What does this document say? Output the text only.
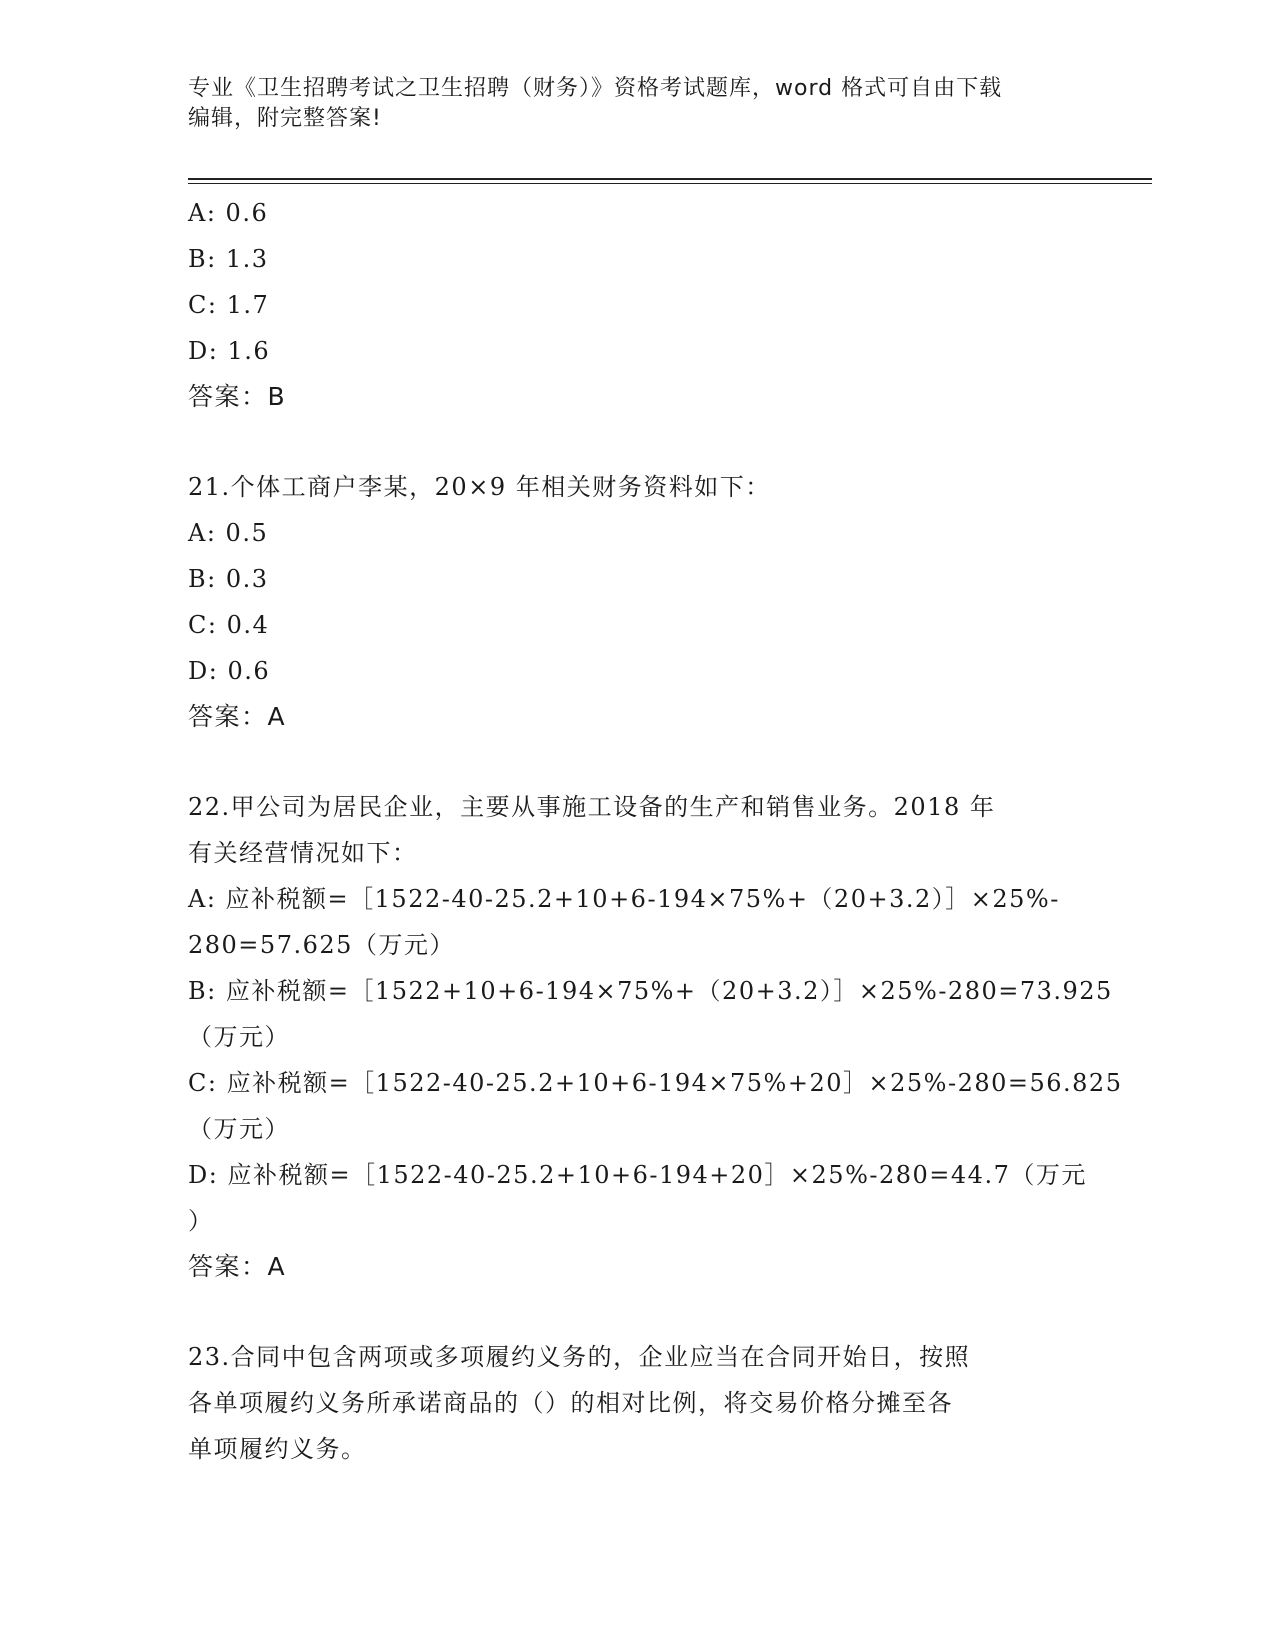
专业《卫生招聘考试之卫生招聘（财务）》资格考试题库，word 格式可自由下载
编辑，附完整答案!
A: 0.6
B: 1.3
C: 1.7
D: 1.6
答案：B
21.个体工商户李某，20×9 年相关财务资料如下：
A: 0.5
B: 0.3
C: 0.4
D: 0.6
答案：A
22.甲公司为居民企业，主要从事施工设备的生产和销售业务。2018 年
有关经营情况如下：
A: 应补税额=［1522-40-25.2+10+6-194×75%+（20+3.2）］×25%-
280=57.625（万元）
B: 应补税额=［1522+10+6-194×75%+（20+3.2）］×25%-280=73.925
（万元）
C: 应补税额=［1522-40-25.2+10+6-194×75%+20］×25%-280=56.825
（万元）
D: 应补税额=［1522-40-25.2+10+6-194+20］×25%-280=44.7（万元
）
答案：A
23.合同中包含两项或多项履约义务的，企业应当在合同开始日，按照
各单项履约义务所承诺商品的（）的相对比例，将交易价格分摊至各
单项履约义务。
